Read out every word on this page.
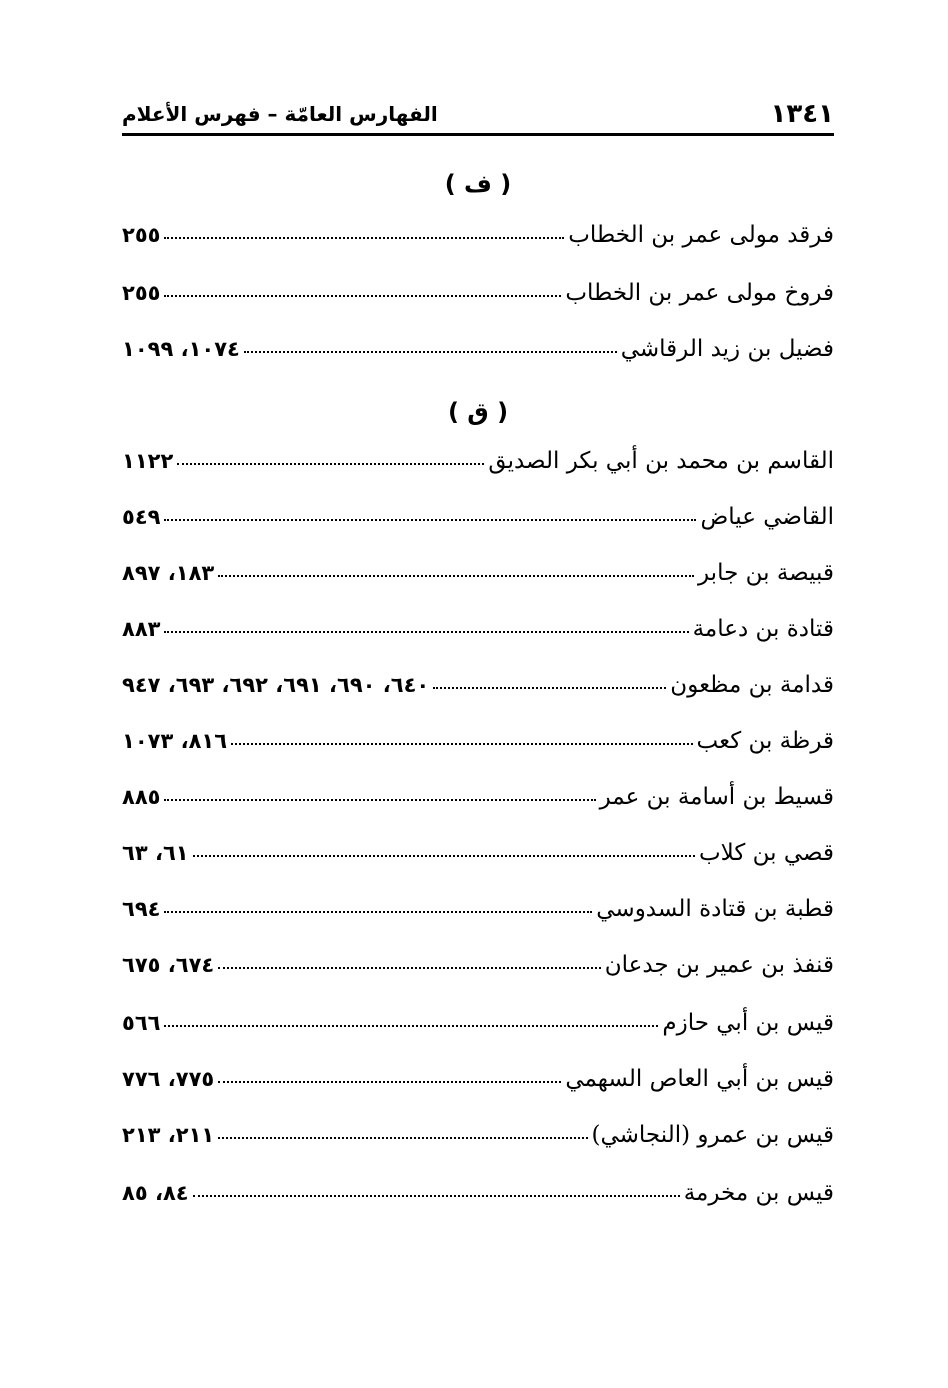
١٣٤١
الفهارس العامّة – فهرس الأعلام
( ف )
فرقد مولى عمر بن الخطاب
٢٥٥
فروخ مولى عمر بن الخطاب
٢٥٥
فضيل بن زيد الرقاشي
١٠٧٤، ١٠٩٩
( ق )
القاسم بن محمد بن أبي بكر الصديق
١١٢٢
القاضي عياض
٥٤٩
قبيصة بن جابر
١٨٣، ٨٩٧
قتادة بن دعامة
٨٨٣
قدامة بن مظعون
٦٤٠، ٦٩٠، ٦٩١، ٦٩٢، ٦٩٣، ٩٤٧
قرظة بن كعب
٨١٦، ١٠٧٣
قسيط بن أسامة بن عمر
٨٨٥
قصي بن كلاب
٦١، ٦٣
قطبة بن قتادة السدوسي
٦٩٤
قنفذ بن عمير بن جدعان
٦٧٤، ٦٧٥
قيس بن أبي حازم
٥٦٦
قيس بن أبي العاص السهمي
٧٧٥، ٧٧٦
قيس بن عمرو (النجاشي)
٢١١، ٢١٣
قيس بن مخرمة
٨٤، ٨٥
